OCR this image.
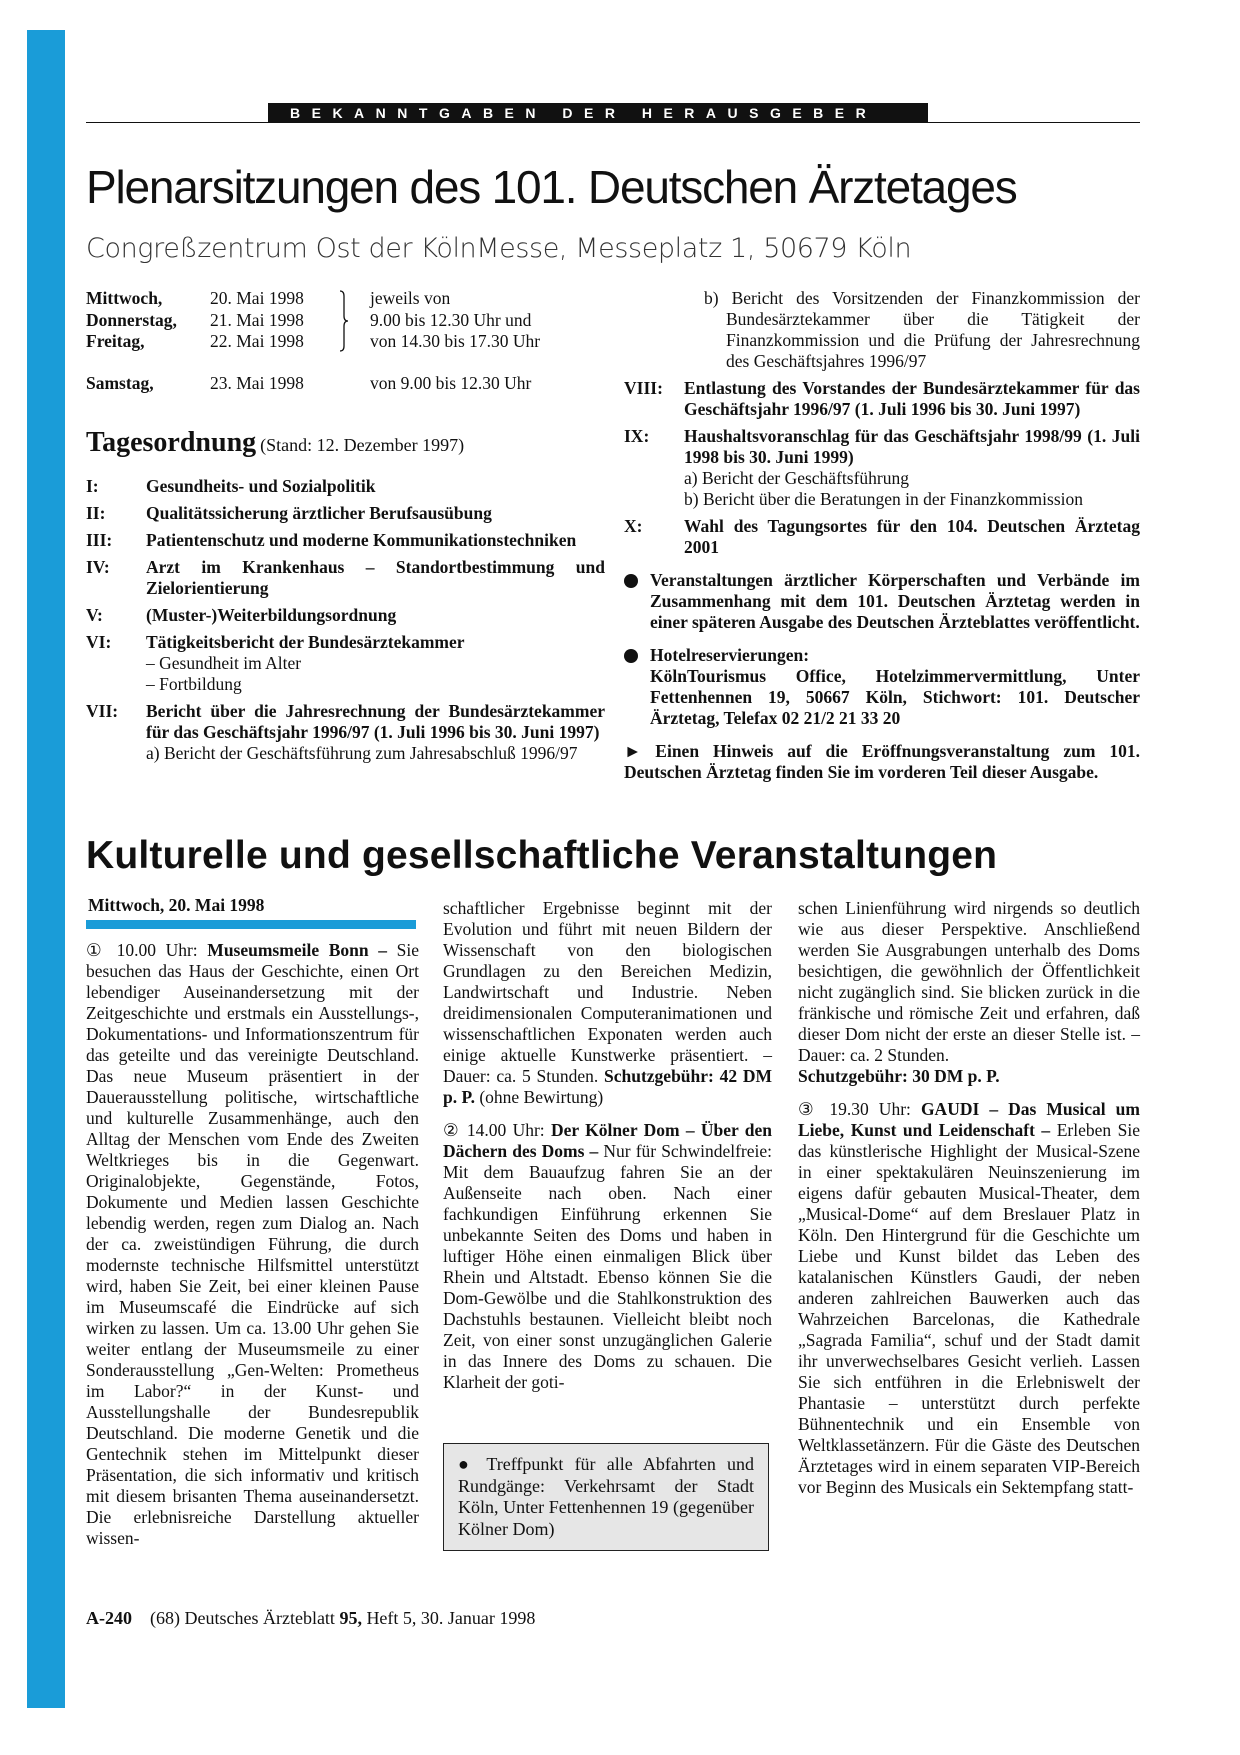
BEKANNTGABEN DER HERAUSGEBER
Plenarsitzungen des 101. Deutschen Ärztetages
Congreßzentrum Ost der KölnMesse, Messeplatz 1, 50679 Köln
Mittwoch,	20. Mai 1998	jeweils von
Donnerstag, 21. Mai 1998	9.00 bis 12.30 Uhr und
Freitag,	22. Mai 1998	von 14.30 bis 17.30 Uhr
Samstag,	23. Mai 1998	von 9.00 bis 12.30 Uhr
Tagesordnung (Stand: 12. Dezember 1997)
I:	Gesundheits- und Sozialpolitik
II: Qualitätssicherung ärztlicher Berufsausübung
III: Patientenschutz und moderne Kommunikationstechniken
IV: Arzt im Krankenhaus – Standortbestimmung und Zielorientierung
V: (Muster-)Weiterbildungsordnung
VI: Tätigkeitsbericht der Bundesärztekammer
– Gesundheit im Alter
– Fortbildung
VII: Bericht über die Jahresrechnung der Bundesärztekammer für das Geschäftsjahr 1996/97 (1. Juli 1996 bis 30. Juni 1997)
a) Bericht der Geschäftsführung zum Jahresabschluß 1996/97
b) Bericht des Vorsitzenden der Finanzkommission der Bundesärztekammer über die Tätigkeit der Finanzkommission und die Prüfung der Jahresrechnung des Geschäftsjahres 1996/97
VIII: Entlastung des Vorstandes der Bundesärztekammer für das Geschäftsjahr 1996/97 (1. Juli 1996 bis 30. Juni 1997)
IX: Haushaltsvoranschlag für das Geschäftsjahr 1998/99 (1. Juli 1998 bis 30. Juni 1999)
a) Bericht der Geschäftsführung
b) Bericht über die Beratungen in der Finanzkommission
X: Wahl des Tagungsortes für den 104. Deutschen Ärztetag 2001
Veranstaltungen ärztlicher Körperschaften und Verbände im Zusammenhang mit dem 101. Deutschen Ärztetag werden in einer späteren Ausgabe des Deutschen Ärzteblattes veröffentlicht.
Hotelreservierungen:
KölnTourismus Office, Hotelzimmervermittlung, Unter Fettenhennen 19, 50667 Köln, Stichwort: 101. Deutscher Ärztetag, Telefax 02 21/2 21 33 20
► Einen Hinweis auf die Eröffnungsveranstaltung zum 101. Deutschen Ärztetag finden Sie im vorderen Teil dieser Ausgabe.
Kulturelle und gesellschaftliche Veranstaltungen
Mittwoch, 20. Mai 1998

① 10.00 Uhr: Museumsmeile Bonn – Sie besuchen das Haus der Geschichte, einen Ort lebendiger Auseinandersetzung mit der Zeitgeschichte und erstmals ein Ausstellungs-, Dokumentations- und Informationszentrum für das geteilte und das vereinigte Deutschland. Das neue Museum präsentiert in der Dauerausstellung politische, wirtschaftliche und kulturelle Zusammenhänge, auch den Alltag der Menschen vom Ende des Zweiten Weltkrieges bis in die Gegenwart. Originalobjekte, Gegenstände, Fotos, Dokumente und Medien lassen Geschichte lebendig werden, regen zum Dialog an. Nach der ca. zweistündigen Führung, die durch modernste technische Hilfsmittel unterstützt wird, haben Sie Zeit, bei einer kleinen Pause im Museumscafé die Eindrücke auf sich wirken zu lassen. Um ca. 13.00 Uhr gehen Sie weiter entlang der Museumsmeile zu einer Sonderausstellung „Gen-Welten: Prometheus im Labor?“ in der Kunst- und Ausstellungshalle der Bundesrepublik Deutschland. Die moderne Genetik und die Gentechnik stehen im Mittelpunkt dieser Präsentation, die sich informativ und kritisch mit diesem brisanten Thema auseinandersetzt. Die erlebnisreiche Darstellung aktueller wissen-

schaftlicher Ergebnisse beginnt mit der Evolution und führt mit neuen Bildern der Wissenschaft von den biologischen Grundlagen zu den Bereichen Medizin, Landwirtschaft und Industrie. Neben dreidimensionalen Computeranimationen und wissenschaftlichen Exponaten werden auch einige aktuelle Kunstwerke präsentiert. – Dauer: ca. 5 Stunden. Schutzgebühr: 42 DM p. P. (ohne Bewirtung)

② 14.00 Uhr: Der Kölner Dom – Über den Dächern des Doms – Nur für Schwindelfreie: Mit dem Bauaufzug fahren Sie an der Außenseite nach oben. Nach einer fachkundigen Einführung erkennen Sie unbekannte Seiten des Doms und haben in luftiger Höhe einen einmaligen Blick über Rhein und Altstadt. Ebenso können Sie die Dom-Gewölbe und die Stahlkonstruktion des Dachstuhls bestaunen. Vielleicht bleibt noch Zeit, von einer sonst unzugänglichen Galerie in das Innere des Doms zu schauen. Die Klarheit der goti-

● Treffpunkt für alle Abfahrten und Rundgänge: Verkehrsamt der Stadt Köln, Unter Fettenhennen 19 (gegenüber Kölner Dom)

schen Linienführung wird nirgends so deutlich wie aus dieser Perspektive. Anschließend werden Sie Ausgrabungen unterhalb des Doms besichtigen, die gewöhnlich der Öffentlichkeit nicht zugänglich sind. Sie blicken zurück in die fränkische und römische Zeit und erfahren, daß dieser Dom nicht der erste an dieser Stelle ist. – Dauer: ca. 2 Stunden.
Schutzgebühr: 30 DM p. P.

③ 19.30 Uhr: GAUDI – Das Musical um Liebe, Kunst und Leidenschaft – Erleben Sie das künstlerische Highlight der Musical-Szene in einer spektakulären Neuinszenierung im eigens dafür gebauten Musical-Theater, dem „Musical-Dome“ auf dem Breslauer Platz in Köln. Den Hintergrund für die Geschichte um Liebe und Kunst bildet das Leben des katalanischen Künstlers Gaudi, der neben anderen zahlreichen Bauwerken auch das Wahrzeichen Barcelonas, die Kathedrale „Sagrada Familia“, schuf und der Stadt damit ihr unverwechselbares Gesicht verlieh. Lassen Sie sich entführen in die Erlebniswelt der Phantasie – unterstützt durch perfekte Bühnentechnik und ein Ensemble von Weltklassetänzern. Für die Gäste des Deutschen Ärztetages wird in einem separaten VIP-Bereich vor Beginn des Musicals ein Sektempfang statt-

A-240 (68) Deutsches Ärzteblatt 95, Heft 5, 30. Januar 1998
